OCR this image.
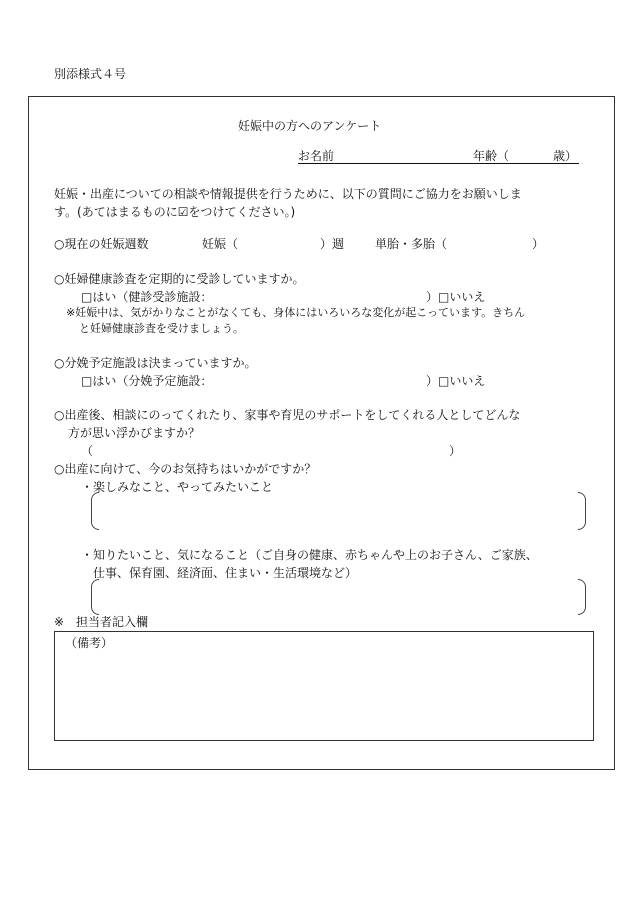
別添様式４号
妊娠中の方へのアンケート
お名前	年齢（	歳）
妊娠・出産についての相談や情報提供を行うために、以下の質問にご協力をお願いしま
す。(あてはまるものに☑をつけてください。)
○現在の妊娠週数	妊娠（	）週	単胎・多胎（	）
○妊婦健康診査を定期的に受診していますか。
□はい（健診受診施設：	）□いいえ
※妊娠中は、気がかりなことがなくても、身体にはいろいろな変化が起こっています。きちん
と妊婦健康診査を受けましょう。
○分娩予定施設は決まっていますか。
□はい（分娩予定施設：	）□いいえ
○出産後、相談にのってくれたり、家事や育児のサポートをしてくれる人としてどんな
方が思い浮かびますか？
（	）
○出産に向けて、今のお気持ちはいかがですか？
・楽しみなこと、やってみたいこと
・知りたいこと、気になること（ご自身の健康、赤ちゃんや上のお子さん、ご家族、
仕事、保育園、経済面、住まい・生活環境など）
※　担当者記入欄
（備考）
